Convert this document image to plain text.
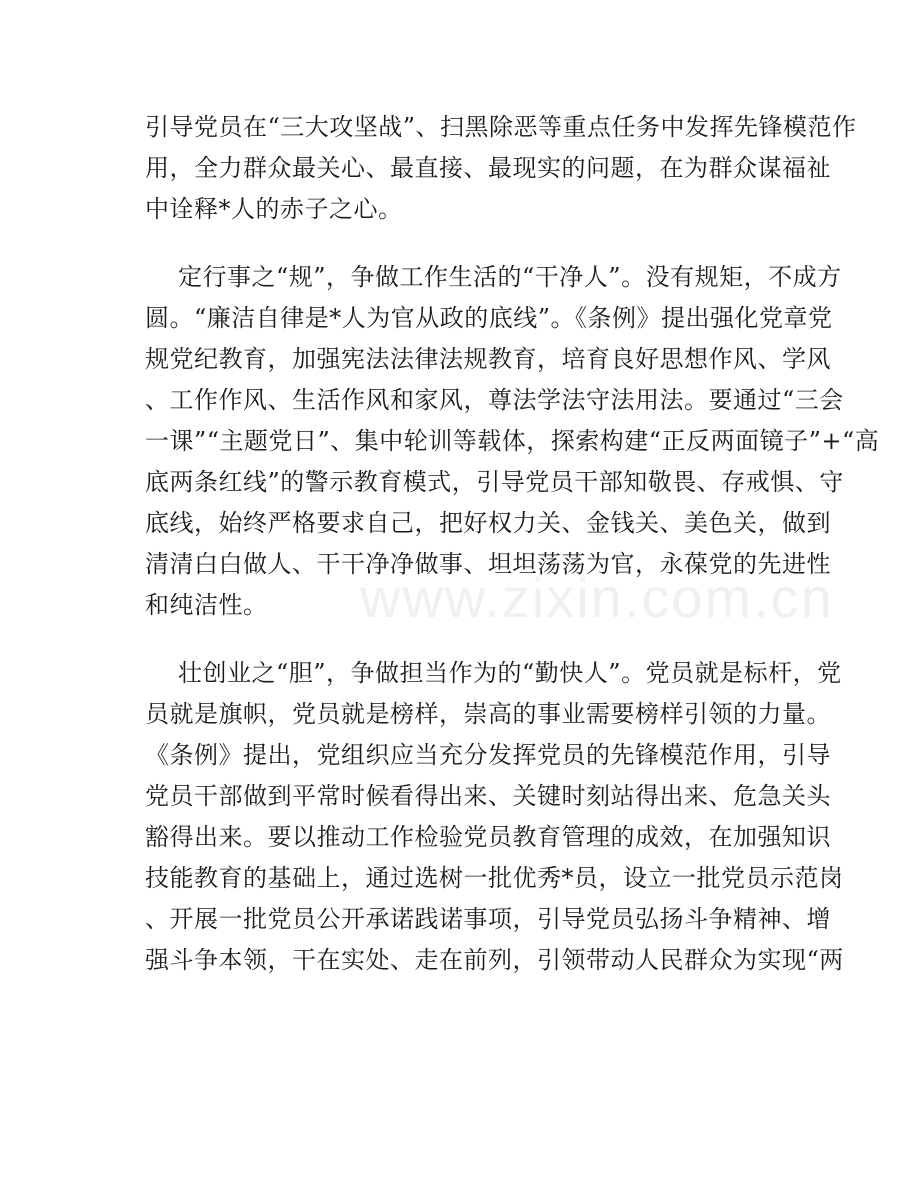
www.zixin.com.cn
引导党员在“三大攻坚战”、扫黑除恶等重点任务中发挥先锋模范作
用，全力群众最关心、最直接、最现实的问题，在为群众谋福祉
中诠释*人的赤子之心。
定行事之“规”，争做工作生活的“干净人”。没有规矩，不成方
圆。“廉洁自律是*人为官从政的底线”。《条例》提出强化党章党
规党纪教育，加强宪法法律法规教育，培育良好思想作风、学风
、工作作风、生活作风和家风，尊法学法守法用法。要通过“三会
一课”“主题党日”、集中轮训等载体，探索构建“正反两面镜子”+“高
底两条红线”的警示教育模式，引导党员干部知敬畏、存戒惧、守
底线，始终严格要求自己，把好权力关、金钱关、美色关，做到
清清白白做人、干干净净做事、坦坦荡荡为官，永葆党的先进性
和纯洁性。
壮创业之“胆”，争做担当作为的“勤快人”。党员就是标杆，党
员就是旗帜，党员就是榜样，崇高的事业需要榜样引领的力量。
《条例》提出，党组织应当充分发挥党员的先锋模范作用，引导
党员干部做到平常时候看得出来、关键时刻站得出来、危急关头
豁得出来。要以推动工作检验党员教育管理的成效，在加强知识
技能教育的基础上，通过选树一批优秀*员，设立一批党员示范岗
、开展一批党员公开承诺践诺事项，引导党员弘扬斗争精神、增
强斗争本领，干在实处、走在前列，引领带动人民群众为实现“两
